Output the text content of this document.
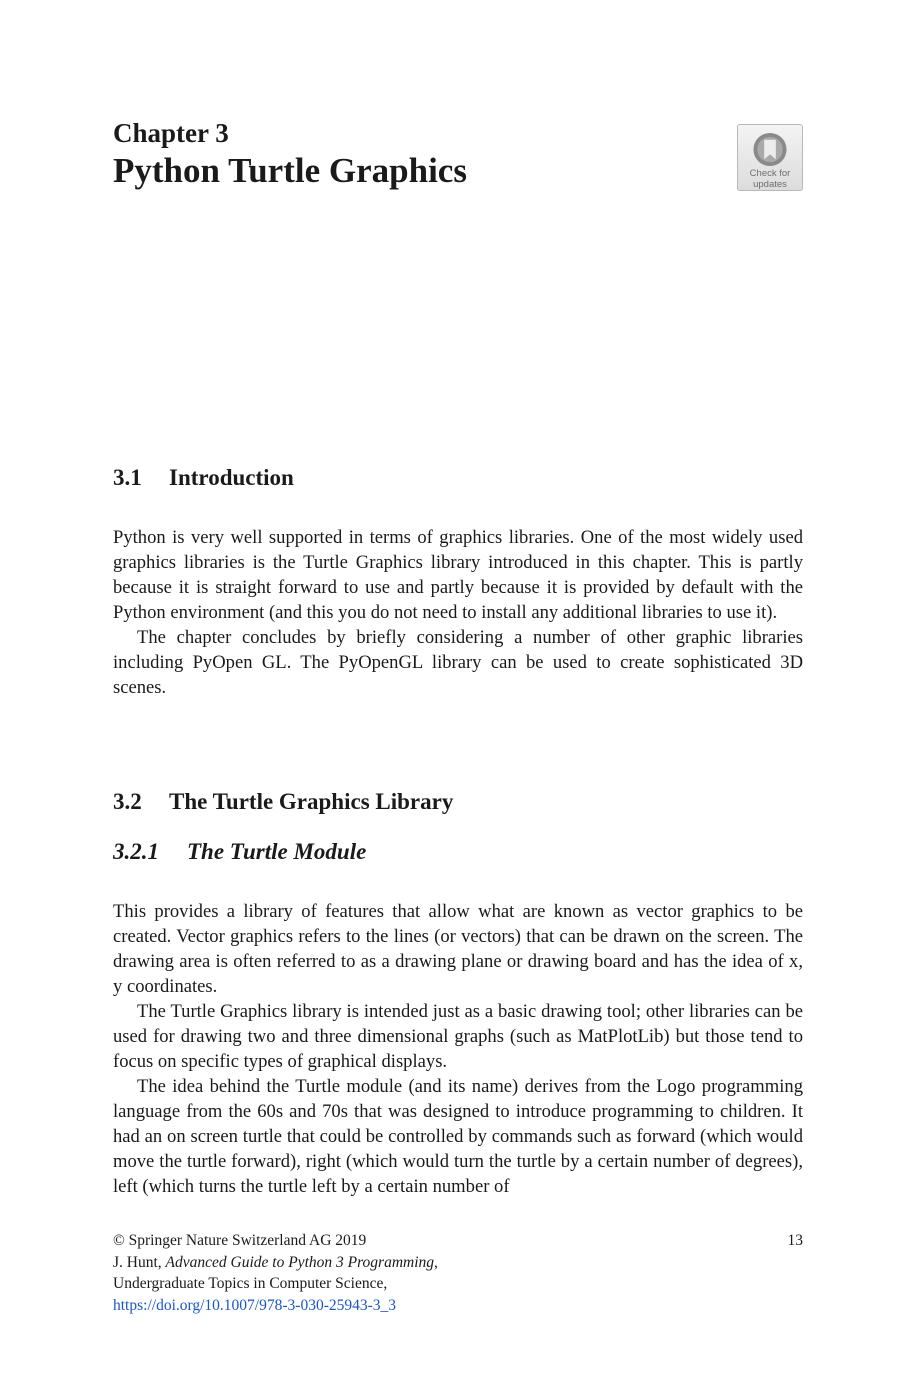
Chapter 3
Python Turtle Graphics	Check for
updates
3.1 Introduction

Python is very well supported in terms of graphics libraries. One of the most widely used graphics libraries is the Turtle Graphics library introduced in this chapter. This is partly because it is straight forward to use and partly because it is provided by default with the Python environment (and this you do not need to install any additional libraries to use it).

The chapter concludes by briefly considering a number of other graphic libraries including PyOpen GL. The PyOpenGL library can be used to create sophisticated 3D scenes.

3.2 The Turtle Graphics Library
3.2.1 The Turtle Module

This provides a library of features that allow what are known as vector graphics to be created. Vector graphics refers to the lines (or vectors) that can be drawn on the screen. The drawing area is often referred to as a drawing plane or drawing board and has the idea of x, y coordinates.

The Turtle Graphics library is intended just as a basic drawing tool; other libraries can be used for drawing two and three dimensional graphs (such as MatPlotLib) but those tend to focus on specific types of graphical displays.

The idea behind the Turtle module (and its name) derives from the Logo programming language from the 60s and 70s that was designed to introduce programming to children. It had an on screen turtle that could be controlled by commands such as forward (which would move the turtle forward), right (which would turn the turtle by a certain number of degrees), left (which turns the turtle left by a certain number of

© Springer Nature Switzerland AG 2019	13
J. Hunt, Advanced Guide to Python 3 Programming,
Undergraduate Topics in Computer Science,
https://doi.org/10.1007/978-3-030-25943-3_3
